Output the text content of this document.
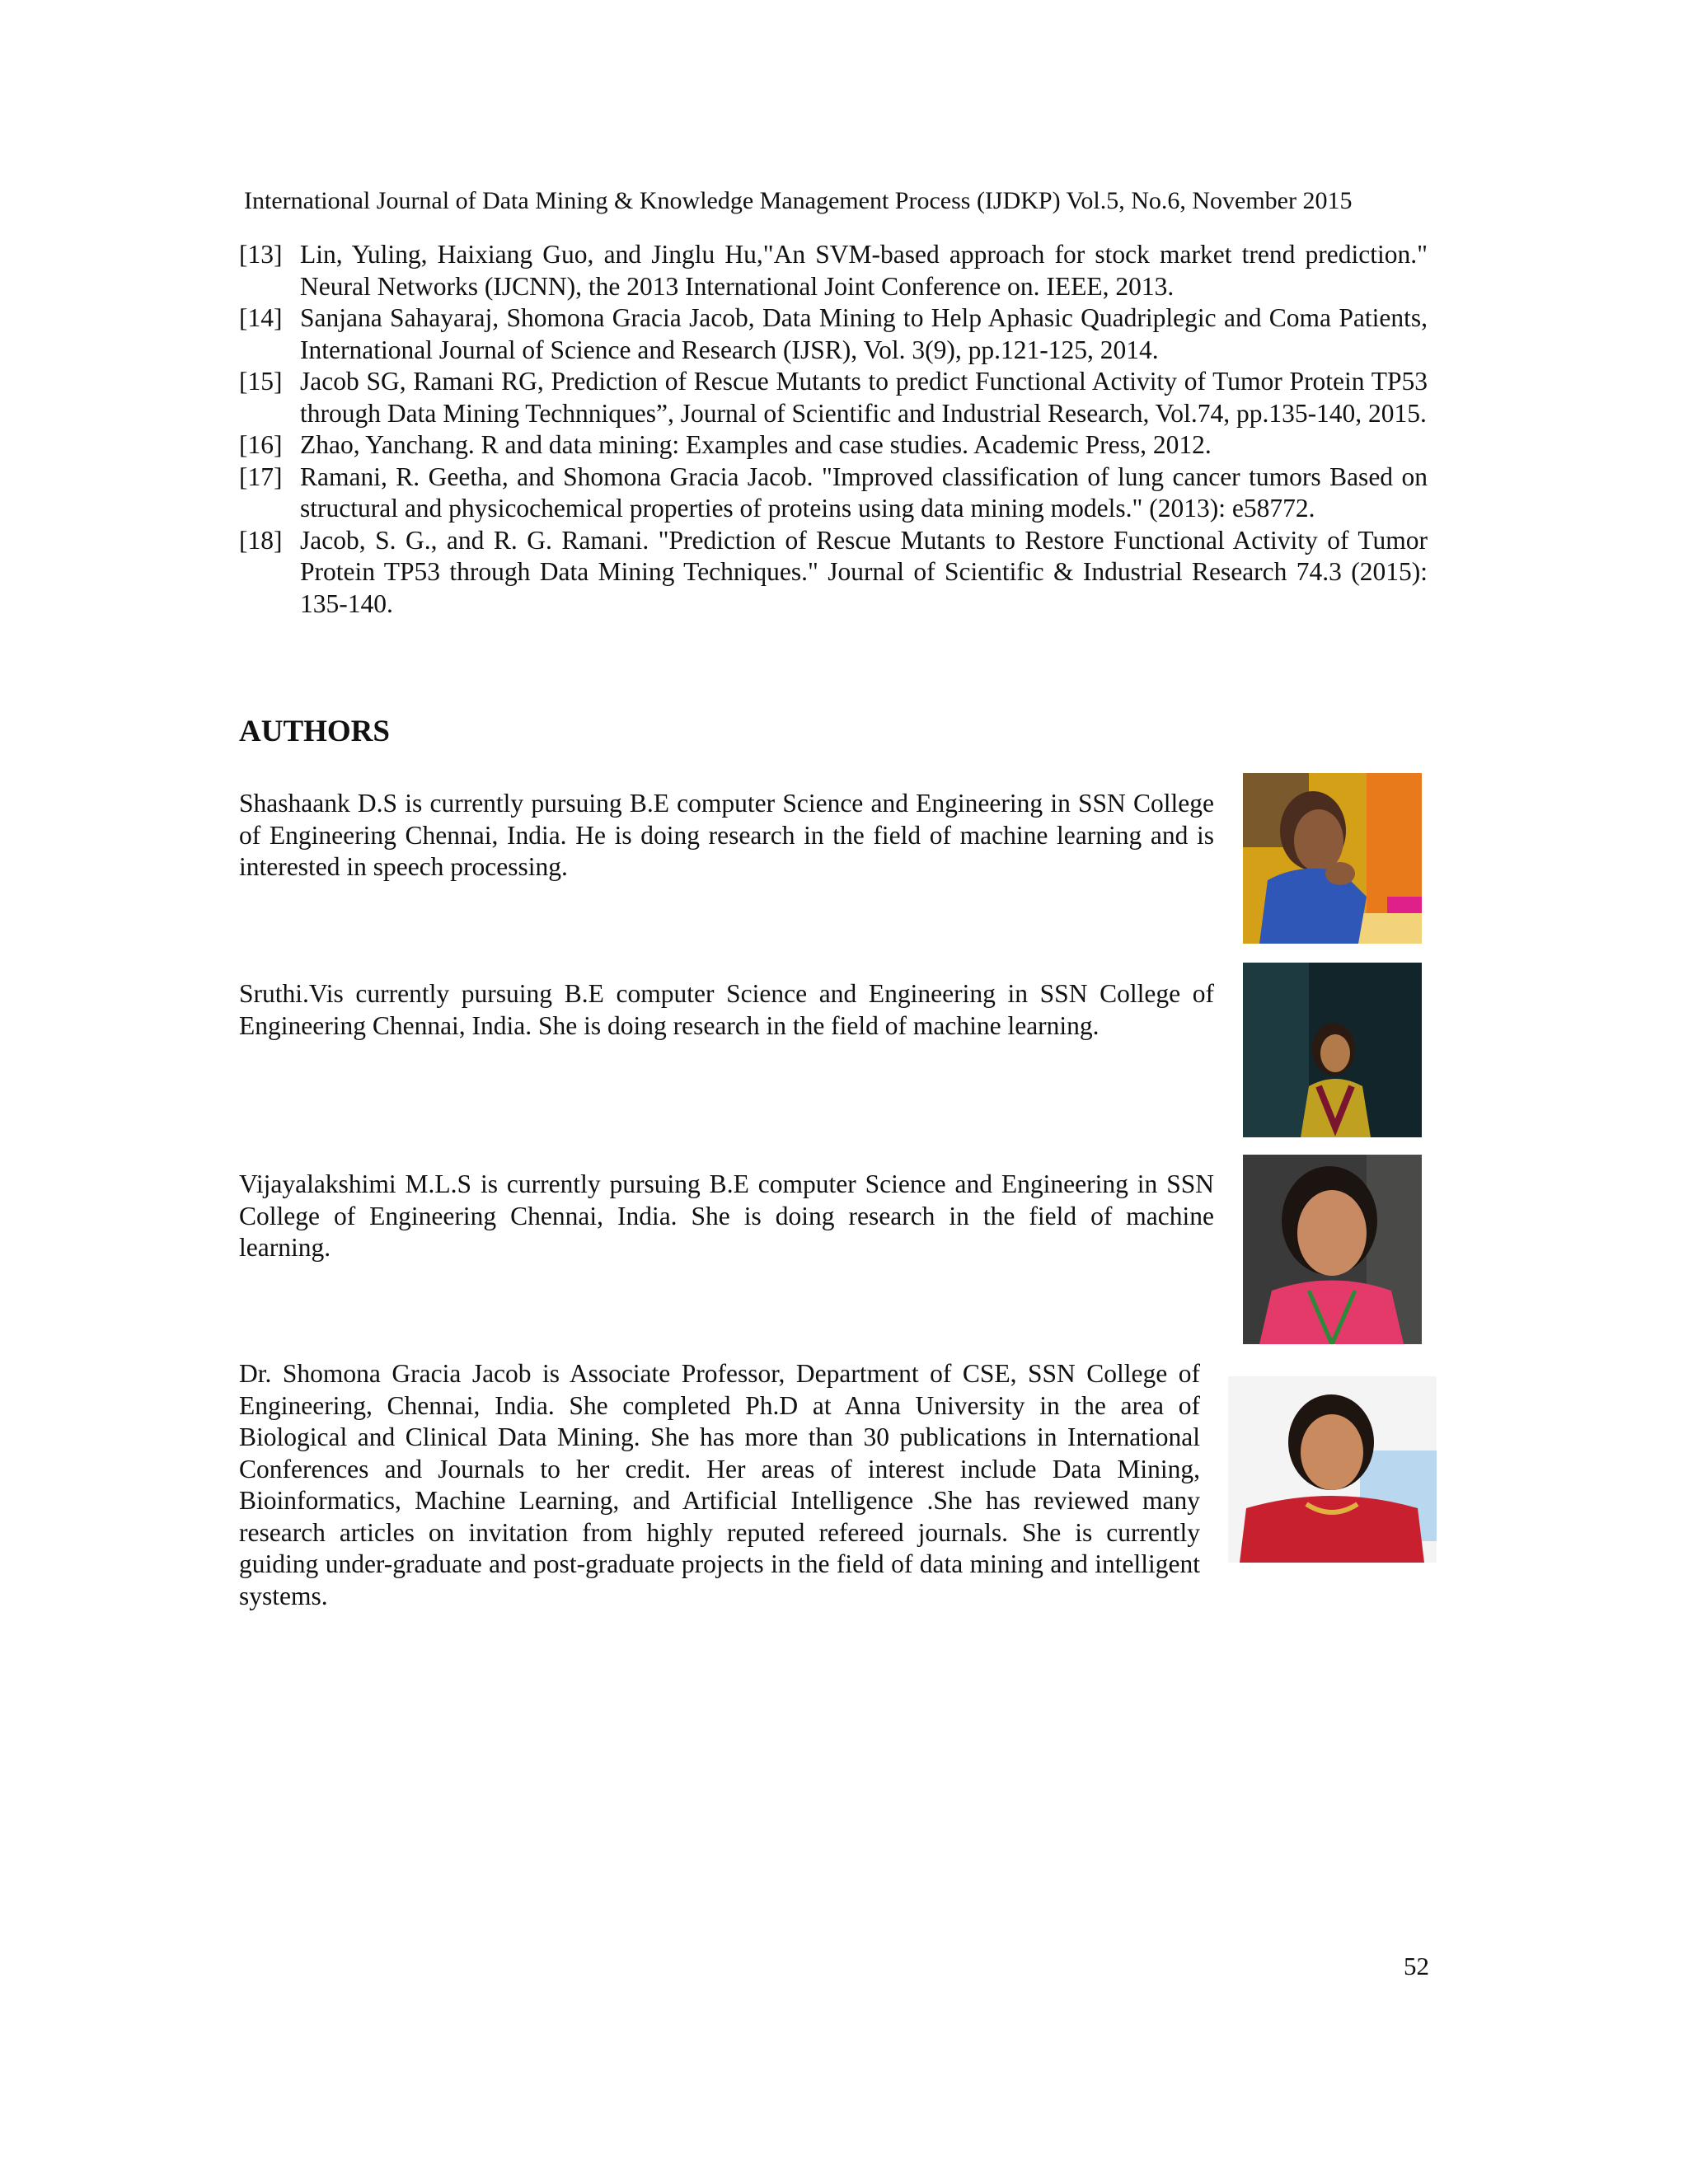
International Journal of Data Mining & Knowledge Management Process (IJDKP) Vol.5, No.6, November 2015
[13] Lin, Yuling, Haixiang Guo, and Jinglu Hu,"An SVM-based approach for stock market trend prediction." Neural Networks (IJCNN), the 2013 International Joint Conference on. IEEE, 2013.
[14] Sanjana Sahayaraj, Shomona Gracia Jacob, Data Mining to Help Aphasic Quadriplegic and Coma Patients, International Journal of Science and Research (IJSR), Vol. 3(9), pp.121-125, 2014.
[15] Jacob SG, Ramani RG, Prediction of Rescue Mutants to predict Functional Activity of Tumor Protein TP53 through Data Mining Technniques”, Journal of Scientific and Industrial Research, Vol.74, pp.135-140, 2015.
[16] Zhao, Yanchang. R and data mining: Examples and case studies. Academic Press, 2012.
[17] Ramani, R. Geetha, and Shomona Gracia Jacob. "Improved classification of lung cancer tumors Based on structural and physicochemical properties of proteins using data mining models." (2013): e58772.
[18] Jacob, S. G., and R. G. Ramani. "Prediction of Rescue Mutants to Restore Functional Activity of Tumor Protein TP53 through Data Mining Techniques." Journal of Scientific & Industrial Research 74.3 (2015): 135-140.
AUTHORS
Shashaank D.S is currently pursuing B.E computer Science and Engineering in SSN College of Engineering Chennai, India. He is doing research in the field of machine learning and is interested in speech processing.
Sruthi.Vis currently pursuing B.E computer Science and Engineering in SSN College of Engineering Chennai, India. She is doing research in the field of machine learning.
Vijayalakshimi M.L.S is currently pursuing B.E computer Science and Engineering in SSN College of Engineering Chennai, India. She is doing research in the field of machine learning.
Dr. Shomona Gracia Jacob is Associate Professor, Department of CSE, SSN College of Engineering, Chennai, India. She completed Ph.D at Anna University in the area of Biological and Clinical Data Mining. She has more than 30 publications in International Conferences and Journals to her credit. Her areas of interest include Data Mining, Bioinformatics, Machine Learning, and Artificial Intelligence .She has reviewed many research articles on invitation from highly reputed refereed journals. She is currently guiding under-graduate and post-graduate projects in the field of data mining and intelligent systems.
52
